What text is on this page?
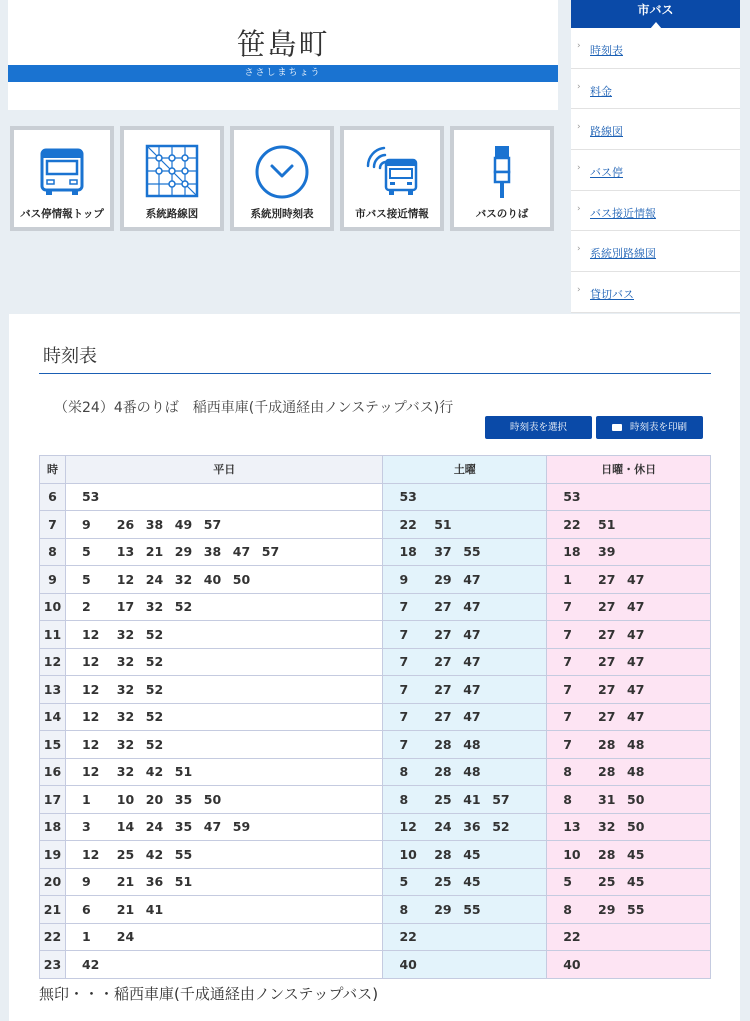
笹島町
ささしまちょう
バス停情報トップ	系統路線図	系統別時刻表	市バス接近情報	バスのりば
市バス
› 時刻表
› 料金
› 路線図
› バス停
› バス接近情報
› 系統別路線図
› 貸切バス
時刻表
（栄24）4番のりば　稲西車庫(千成通経由ノンステップバス)行
時刻表を選択	時刻表を印刷
時	平日	土曜	日曜・休日
6	53	53	53
7	9 26 38 49 57	22 51	22 51
8	5 13 21 29 38 47 57	18 37 55	18 39
9	5 12 24 32 40 50	9 29 47	1 27 47
10	2 17 32 52	7 27 47	7 27 47
11	12 32 52	7 27 47	7 27 47
12	12 32 52	7 27 47	7 27 47
13	12 32 52	7 27 47	7 27 47
14	12 32 52	7 27 47	7 27 47
15	12 32 52	7 28 48	7 28 48
16	12 32 42 51	8 28 48	8 28 48
17	1 10 20 35 50	8 25 41 57	8 31 50
18	3 14 24 35 47 59	12 24 36 52	13 32 50
19	12 25 42 55	10 28 45	10 28 45
20	9 21 36 51	5 25 45	5 25 45
21	6 21 41	8 29 55	8 29 55
22	1 24	22	22
23	42	40	40
無印・・・稲西車庫(千成通経由ノンステップバス)
